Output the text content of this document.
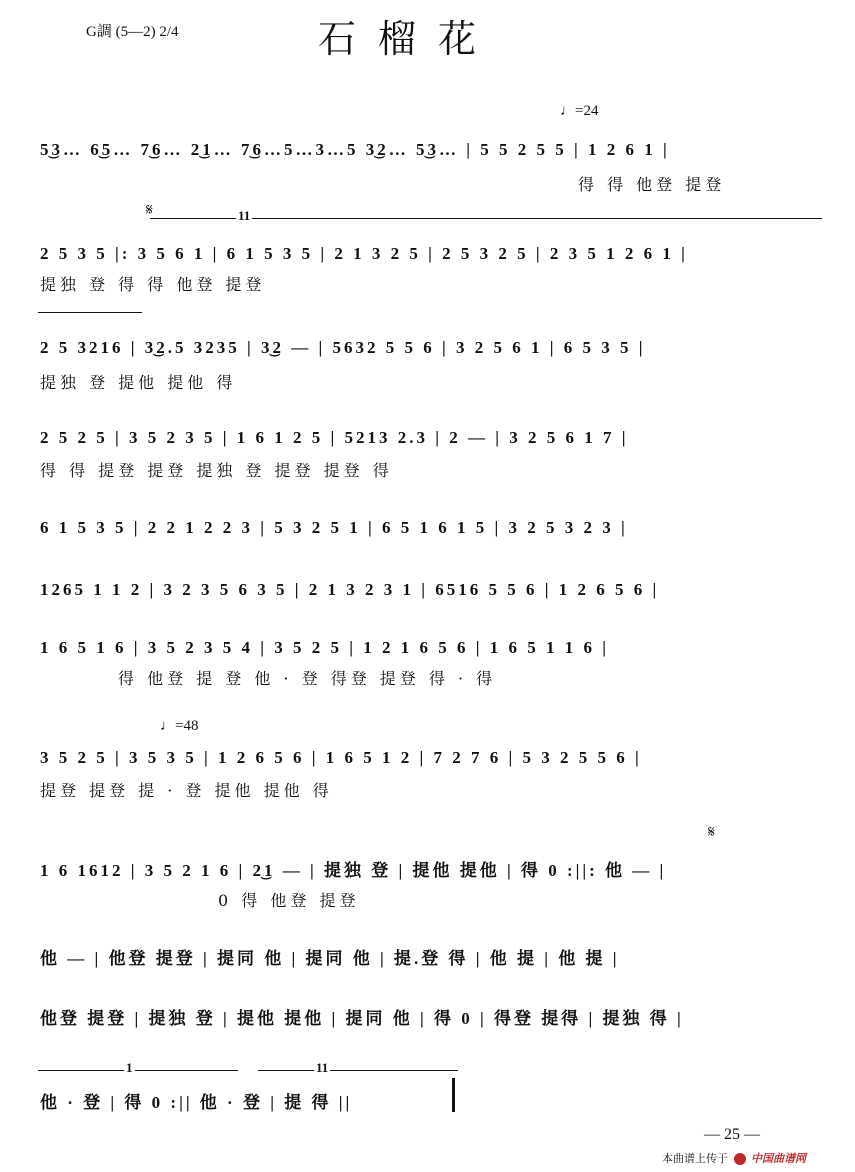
G調 (5—2) 2/4	石榴花
♩=24
♩=48
𝄋
𝄋
11
1	11
5͜3… 6͜5… 7͜6… 2͜1… 7͜6…5…3…5 3͜2… 5͜3… | 5 5 2 5 5 | 1 2 6 1 |
得 得 他登 提登
2 5 3 5 |: 3 5 6 1 | 6 1 5 3 5 | 2 1 3 2 5 | 2 5 3 2 5 | 2 3 5 1 2 6 1 |
提独 登 得 得 他登 提登
2 5 3216 | 3͜2.5 3235 | 3͜2 — | 5632 5 5 6 | 3 2 5 6 1 | 6 5 3 5 |
提独 登 提他 提他 得
2 5 2 5 | 3 5 2 3 5 | 1 6 1 2 5 | 5213 2.3 | 2 — | 3 2 5 6 1 7 |
得 得 提登 提登 提独 登 提登 提登 得
6 1 5 3 5 | 2 2 1 2 2 3 | 5 3 2 5 1 | 6 5 1 6 1 5 | 3 2 5 3 2 3 |
1265 1 1 2 | 3 2 3 5 6 3 5 | 2 1 3 2 3 1 | 6516 5 5 6 | 1 2 6 5 6 |
1 6 5 1 6 | 3 5 2 3 5 4 | 3 5 2 5 | 1 2 1 6 5 6 | 1 6 5 1 1 6 |
得 他登 提 登 他 · 登 得登 提登 得 · 得
3 5 2 5 | 3 5 3 5 | 1 2 6 5 6 | 1 6 5 1 2 | 7 2 7 6 | 5 3 2 5 5 6 |
提登 提登 提 · 登 提他 提他 得
1 6 1612 | 3 5 2 1 6 | 2͜1 — | 提独 登 | 提他 提他 | 得 0 :||: 他 — |
0 得 他登 提登
他 — | 他登 提登 | 提同 他 | 提同 他 | 提.登 得 | 他 提 | 他 提 |
他登 提登 | 提独 登 | 提他 提他 | 提同 他 | 得 0 | 得登 提得 | 提独 得 |
他 · 登 | 得 0 :|| 他 · 登 | 提 得 ||
— 25 —
本曲谱上传于 中国曲谱网
